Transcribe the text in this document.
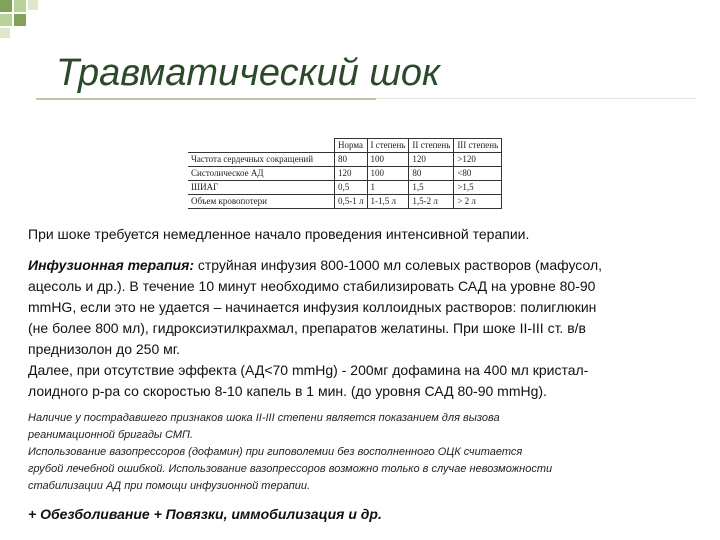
Травматический шок
	Норма	I степень	II степень	III степень
Частота сердечных сокращений	80	100	120	>120
Систолическое АД	120	100	80	<80
ШИАГ	0,5	1	1,5	>1,5
Объем кровопотери	0,5-1 л	1-1,5 л	1,5-2 л	> 2 л

При шоке требуется немедленное начало проведения интенсивной терапии.

Инфузионная терапия: струйная инфузия 800-1000 мл солевых растворов (мафусол,

ацесоль и др.). В течение 10 минут необходимо стабилизировать САД на уровне 80-90

mmHG, если это не удается – начинается инфузия коллоидных растворов: полиглюкин

(не более 800 мл), гидроксиэтилкрахмал, препаратов желатины. При шоке II-III ст. в/в

преднизолон до 250 мг.

Далее, при отсутствие эффекта (АД<70 mmHg) - 200мг дофамина на 400 мл кристал-

лоидного р-ра со скоростью 8-10 капель в 1 мин. (до уровня САД 80-90 mmHg).

Наличие у пострадавшего признаков шока II-III степени является показанием для вызова

реанимационной бригады СМП.

Использование вазопрессоров (дофамин) при гиповолемии без восполненного ОЦК считается

грубой лечебной ошибкой. Использование вазопрессоров возможно только в случае невозможности

стабилизации АД при помощи инфузионной терапии.

+ Обезболивание + Повязки, иммобилизация и др.
